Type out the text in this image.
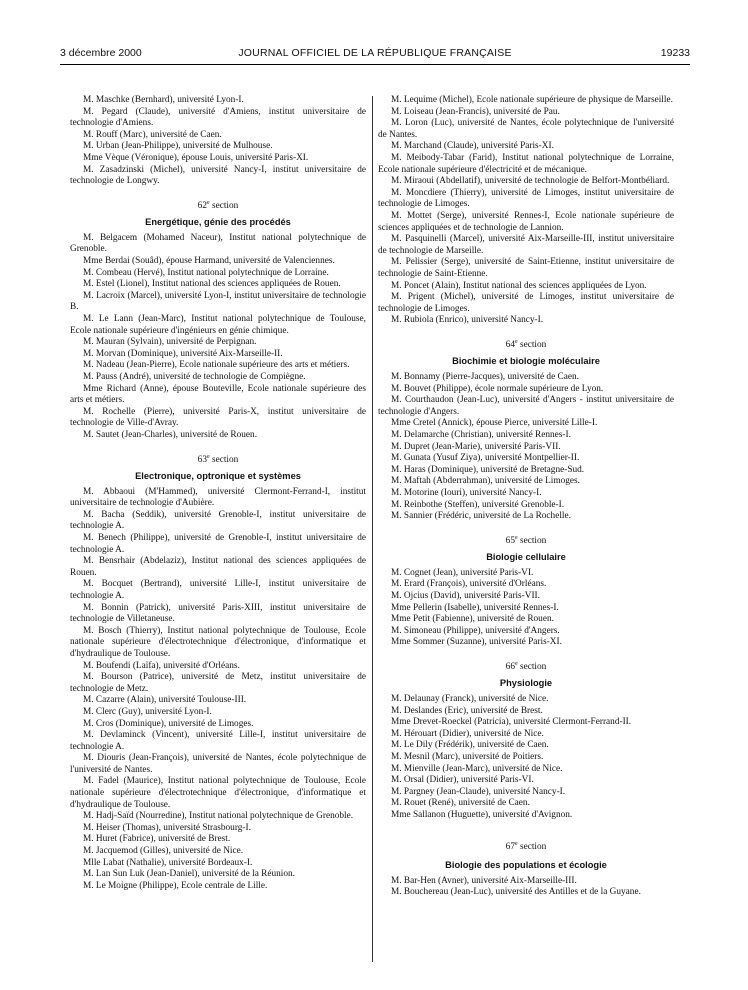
3 décembre 2000	JOURNAL OFFICIEL DE LA RÉPUBLIQUE FRANÇAISE	19233

M. Maschke (Bernhard), université Lyon-I.

M. Pegard (Claude), université d'Amiens, institut universitaire de technologie d'Amiens.

M. Rouff (Marc), université de Caen.

M. Urban (Jean-Philippe), université de Mulhouse.

Mme Vèque (Véronique), épouse Louis, université Paris-XI.

M. Zasadzinski (Michel), université Nancy-I, institut universitaire de technologie de Longwy.

62e section
Energétique, génie des procédés

M. Belgacem (Mohamed Naceur), Institut national polytechnique de Grenoble.

Mme Berdai (Souâd), épouse Harmand, université de Valenciennes.

M. Combeau (Hervé), Institut national polytechnique de Lorraine.

M. Estel (Lionel), Institut national des sciences appliquées de Rouen.

M. Lacroix (Marcel), université Lyon-I, institut universitaire de technologie B.

M. Le Lann (Jean-Marc), Institut national polytechnique de Toulouse, Ecole nationale supérieure d'ingénieurs en génie chimique.

M. Mauran (Sylvain), université de Perpignan.

M. Morvan (Dominique), université Aix-Marseille-II.

M. Nadeau (Jean-Pierre), Ecole nationale supérieure des arts et métiers.

M. Pauss (André), université de technologie de Compiègne.

Mme Richard (Anne), épouse Bouteville, Ecole nationale supérieure des arts et métiers.

M. Rochelle (Pierre), université Paris-X, institut universitaire de technologie de Ville-d'Avray.

M. Sautet (Jean-Charles), université de Rouen.

63e section
Electronique, optronique et systèmes

M. Abbaoui (M'Hammed), université Clermont-Ferrand-I, institut universitaire de technologie d'Aubière.

M. Bacha (Seddik), université Grenoble-I, institut universitaire de technologie A.

M. Benech (Philippe), université de Grenoble-I, institut universitaire de technologie A.

M. Bensrhair (Abdelaziz), Institut national des sciences appliquées de Rouen.

M. Bocquet (Bertrand), université Lille-I, institut universitaire de technologie A.

M. Bonnin (Patrick), université Paris-XIII, institut universitaire de technologie de Villetaneuse.

M. Bosch (Thierry), Institut national polytechnique de Toulouse, Ecole nationale supérieure d'électrotechnique d'électronique, d'informatique et d'hydraulique de Toulouse.

M. Boufendi (Laïfa), université d'Orléans.

M. Bourson (Patrice), université de Metz, institut universitaire de technologie de Metz.

M. Cazarre (Alain), université Toulouse-III.

M. Clerc (Guy), université Lyon-I.

M. Cros (Dominique), université de Limoges.

M. Devlaminck (Vincent), université Lille-I, institut universitaire de technologie A.

M. Diouris (Jean-François), université de Nantes, école polytechnique de l'université de Nantes.

M. Fadel (Maurice), Institut national polytechnique de Toulouse, Ecole nationale supérieure d'électrotechnique d'électronique, d'informatique et d'hydraulique de Toulouse.

M. Hadj-Saïd (Nourredine), Institut national polytechnique de Grenoble.

M. Heiser (Thomas), université Strasbourg-I.

M. Huret (Fabrice), université de Brest.

M. Jacquemod (Gilles), université de Nice.

Mlle Labat (Nathalie), université Bordeaux-I.

M. Lan Sun Luk (Jean-Daniel), université de la Réunion.

M. Le Moigne (Philippe), Ecole centrale de Lille.

M. Lequime (Michel), Ecole nationale supérieure de physique de Marseille.

M. Loiseau (Jean-Francis), université de Pau.

M. Loron (Luc), université de Nantes, école polytechnique de l'université de Nantes.

M. Marchand (Claude), université Paris-XI.

M. Meibody-Tabar (Farid), Institut national polytechnique de Lorraine, Ecole nationale supérieure d'électricité et de mécanique.

M. Miraoui (Abdellatif), université de technologie de Belfort-Montbéliard.

M. Moncdiere (Thierry), université de Limoges, institut universitaire de technologie de Limoges.

M. Mottet (Serge), université Rennes-I, Ecole nationale supérieure de sciences appliquées et de technologie de Lannion.

M. Pasquinelli (Marcel), université Aix-Marseille-III, institut universitaire de technologie de Marseille.

M. Pelissier (Serge), université de Saint-Etienne, institut universitaire de technologie de Saint-Etienne.

M. Poncet (Alain), Institut national des sciences appliquées de Lyon.

M. Prigent (Michel), université de Limoges, institut universitaire de technologie de Limoges.

M. Rubiola (Enrico), université Nancy-I.

64e section
Biochimie et biologie moléculaire

M. Bonnamy (Pierre-Jacques), université de Caen.

M. Bouvet (Philippe), école normale supérieure de Lyon.

M. Courthaudon (Jean-Luc), université d'Angers - institut universitaire de technologie d'Angers.

Mme Cretel (Annick), épouse Pierce, université Lille-I.

M. Delamarche (Christian), université Rennes-I.

M. Dupret (Jean-Marie), université Paris-VII.

M. Gunata (Yusuf Ziya), université Montpellier-II.

M. Haras (Dominique), université de Bretagne-Sud.

M. Maftah (Abderrahman), université de Limoges.

M. Motorine (Iouri), université Nancy-I.

M. Reinbothe (Steffen), université Grenoble-I.

M. Sannier (Frédéric, université de La Rochelle.

65e section
Biologie cellulaire

M. Cognet (Jean), université Paris-VI.

M. Erard (François), université d'Orléans.

M. Ojcius (David), université Paris-VII.

Mme Pellerin (Isabelle), université Rennes-I.

Mme Petit (Fabienne), université de Rouen.

M. Simoneau (Philippe), université d'Angers.

Mme Sommer (Suzanne), université Paris-XI.

66e section
Physiologie

M. Delaunay (Franck), université de Nice.

M. Deslandes (Eric), université de Brest.

Mme Drevet-Roeckel (Patricia), université Clermont-Ferrand-II.

M. Hérouart (Didier), université de Nice.

M. Le Dily (Frédérik), université de Caen.

M. Mesnil (Marc), université de Poitiers.

M. Mienville (Jean-Marc), université de Nice.

M. Orsal (Didier), université Paris-VI.

M. Pargney (Jean-Claude), université Nancy-I.

M. Rouet (René), université de Caen.

Mme Sallanon (Huguette), université d'Avignon.

67e section
Biologie des populations et écologie

M. Bar-Hen (Avner), université Aix-Marseille-III.

M. Bouchereau (Jean-Luc), université des Antilles et de la Guyane.
